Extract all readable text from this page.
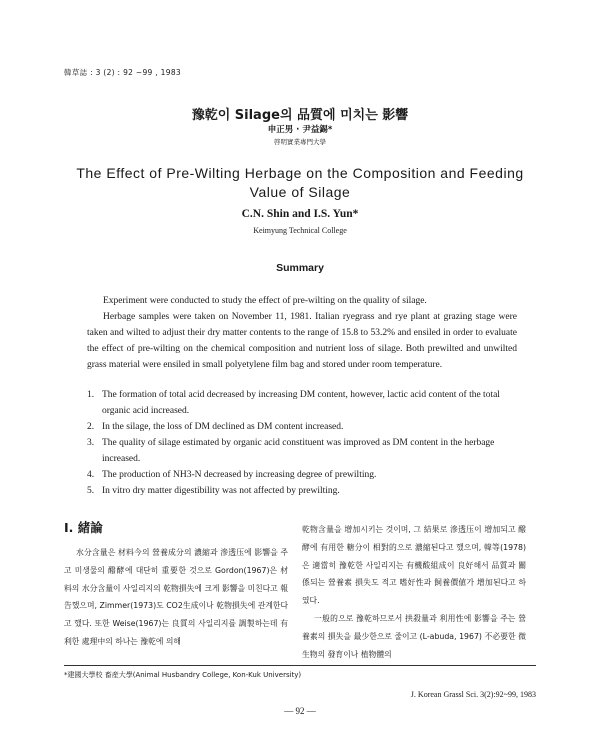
韓草誌 : 3 (2) : 92 ~99 , 1983
豫乾이 Silage의 品質에 미치는 影響
申正男 · 尹益錫*
啓明實業專門大學
The Effect of Pre-Wilting Herbage on the Composition and Feeding Value of Silage
C.N. Shin and I.S. Yun*
Keimyung Technical College
Summary

Experiment were conducted to study the effect of pre-wilting on the quality of silage.

Herbage samples were taken on November 11, 1981. Italian ryegrass and rye plant at grazing stage were taken and wilted to adjust their dry matter contents to the range of 15.8 to 53.2% and ensiled in order to evaluate the effect of pre-wilting on the chemical composition and nutrient loss of silage. Both prewilted and unwilted grass material were ensiled in small polyetylene film bag and stored under room temperature.

1. The formation of total acid decreased by increasing DM content, however, lactic acid content of the total organic acid increased.
2. In the silage, the loss of DM declined as DM content increased.
3. The quality of silage estimated by organic acid constituent was improved as DM content in the herbage increased.
4. The production of NH3-N decreased by increasing degree of prewilting.
5. In vitro dry matter digestibility was not affected by prewilting.
I. 緒論

水分含量은 材料今의 營養成分의 濃縮과 滲透压에 影響을 주고 미생물의 醱酵에 대단히 重要한 것으로 Gordon(1967)은 材料의 水分含量이 사일리지의 乾物損失에 크게 影響을 미친다고 報告했으며, Zimmer(1973)도 CO2生成이나 乾物損失에 관계한다고 했다. 또한 Weise(1967)는 良質의 사일리지를 調製하는데 有利한 處理中의 하나는 豫乾에 의해

乾物含量을 增加시키는 것이며, 그 結果로 滲透压이 增加되고 醱酵에 有用한 糖分이 相對的으로 濃縮된다고 했으며, 韓等(1978)은 適當히 豫乾한 사일리지는 有機酸組成이 良好해서 品質과 關係되는 營養素 損失도 적고 嗜好性과 飼養價値가 增加된다고 하였다.
一般的으로 豫乾하므로서 拱殺量과 利用性에 影響을 주는 營養素의 損失을 最少한으로 줄이고 (L-abuda, 1967) 不必要한 微生物의 發育이나 植物體의
*建國大學校 畜産大學(Animal Husbandry College, Kon-Kuk University)
J. Korean Grassl Sci. 3(2):92~99, 1983
— 92 —
